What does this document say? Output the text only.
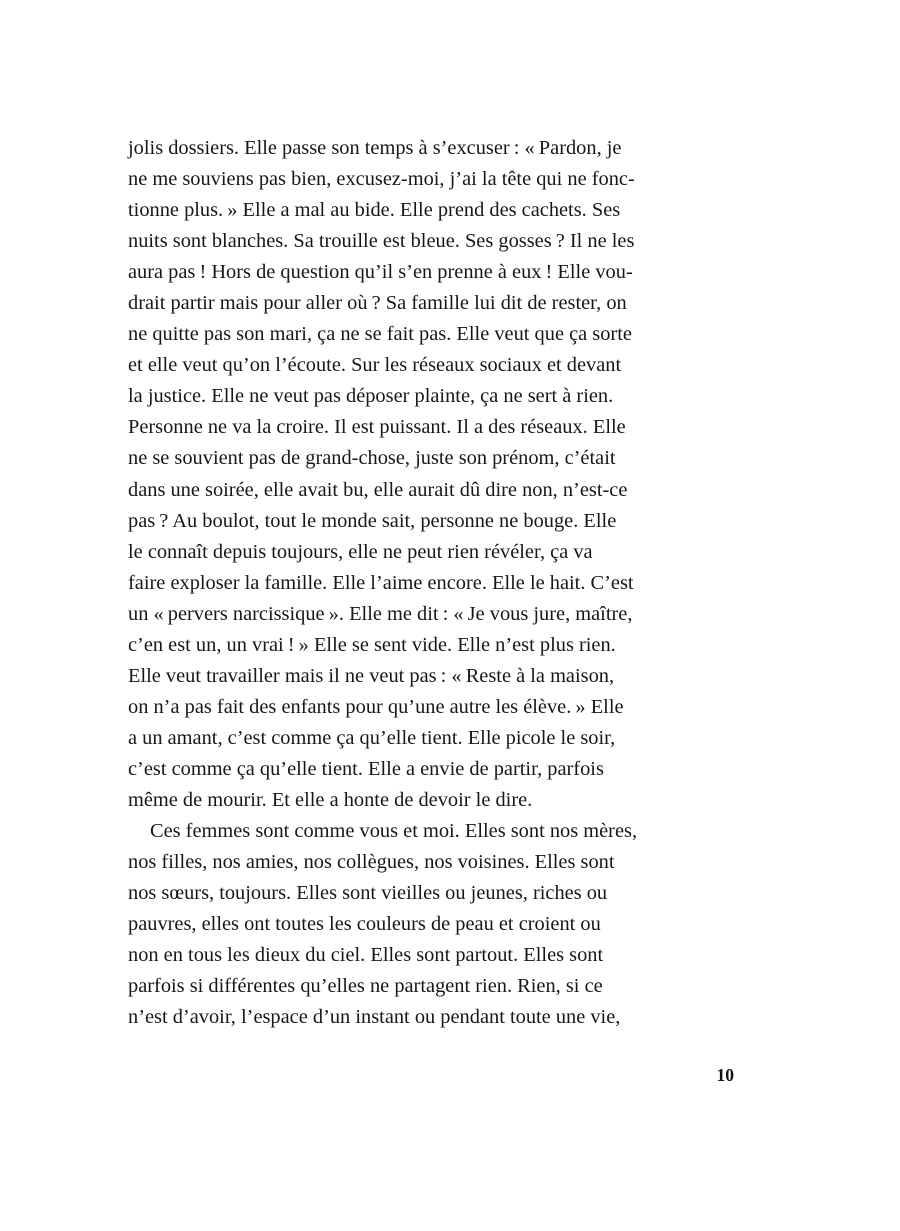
jolis dossiers. Elle passe son temps à s’excuser : « Pardon, je
ne me souviens pas bien, excusez-moi, j’ai la tête qui ne fonc-
tionne plus. » Elle a mal au bide. Elle prend des cachets. Ses
nuits sont blanches. Sa trouille est bleue. Ses gosses ? Il ne les
aura pas ! Hors de question qu’il s’en prenne à eux ! Elle vou-
drait partir mais pour aller où ? Sa famille lui dit de rester, on
ne quitte pas son mari, ça ne se fait pas. Elle veut que ça sorte
et elle veut qu’on l’écoute. Sur les réseaux sociaux et devant
la justice. Elle ne veut pas déposer plainte, ça ne sert à rien.
Personne ne va la croire. Il est puissant. Il a des réseaux. Elle
ne se souvient pas de grand-chose, juste son prénom, c’était
dans une soirée, elle avait bu, elle aurait dû dire non, n’est-ce
pas ? Au boulot, tout le monde sait, personne ne bouge. Elle
le connaît depuis toujours, elle ne peut rien révéler, ça va
faire exploser la famille. Elle l’aime encore. Elle le hait. C’est
un « pervers narcissique ». Elle me dit : « Je vous jure, maître,
c’en est un, un vrai ! » Elle se sent vide. Elle n’est plus rien.
Elle veut travailler mais il ne veut pas : « Reste à la maison,
on n’a pas fait des enfants pour qu’une autre les élève. » Elle
a un amant, c’est comme ça qu’elle tient. Elle picole le soir,
c’est comme ça qu’elle tient. Elle a envie de partir, parfois
même de mourir. Et elle a honte de devoir le dire.

Ces femmes sont comme vous et moi. Elles sont nos mères,
nos filles, nos amies, nos collègues, nos voisines. Elles sont
nos sœurs, toujours. Elles sont vieilles ou jeunes, riches ou
pauvres, elles ont toutes les couleurs de peau et croient ou
non en tous les dieux du ciel. Elles sont partout. Elles sont
parfois si différentes qu’elles ne partagent rien. Rien, si ce
n’est d’avoir, l’espace d’un instant ou pendant toute une vie,

10
